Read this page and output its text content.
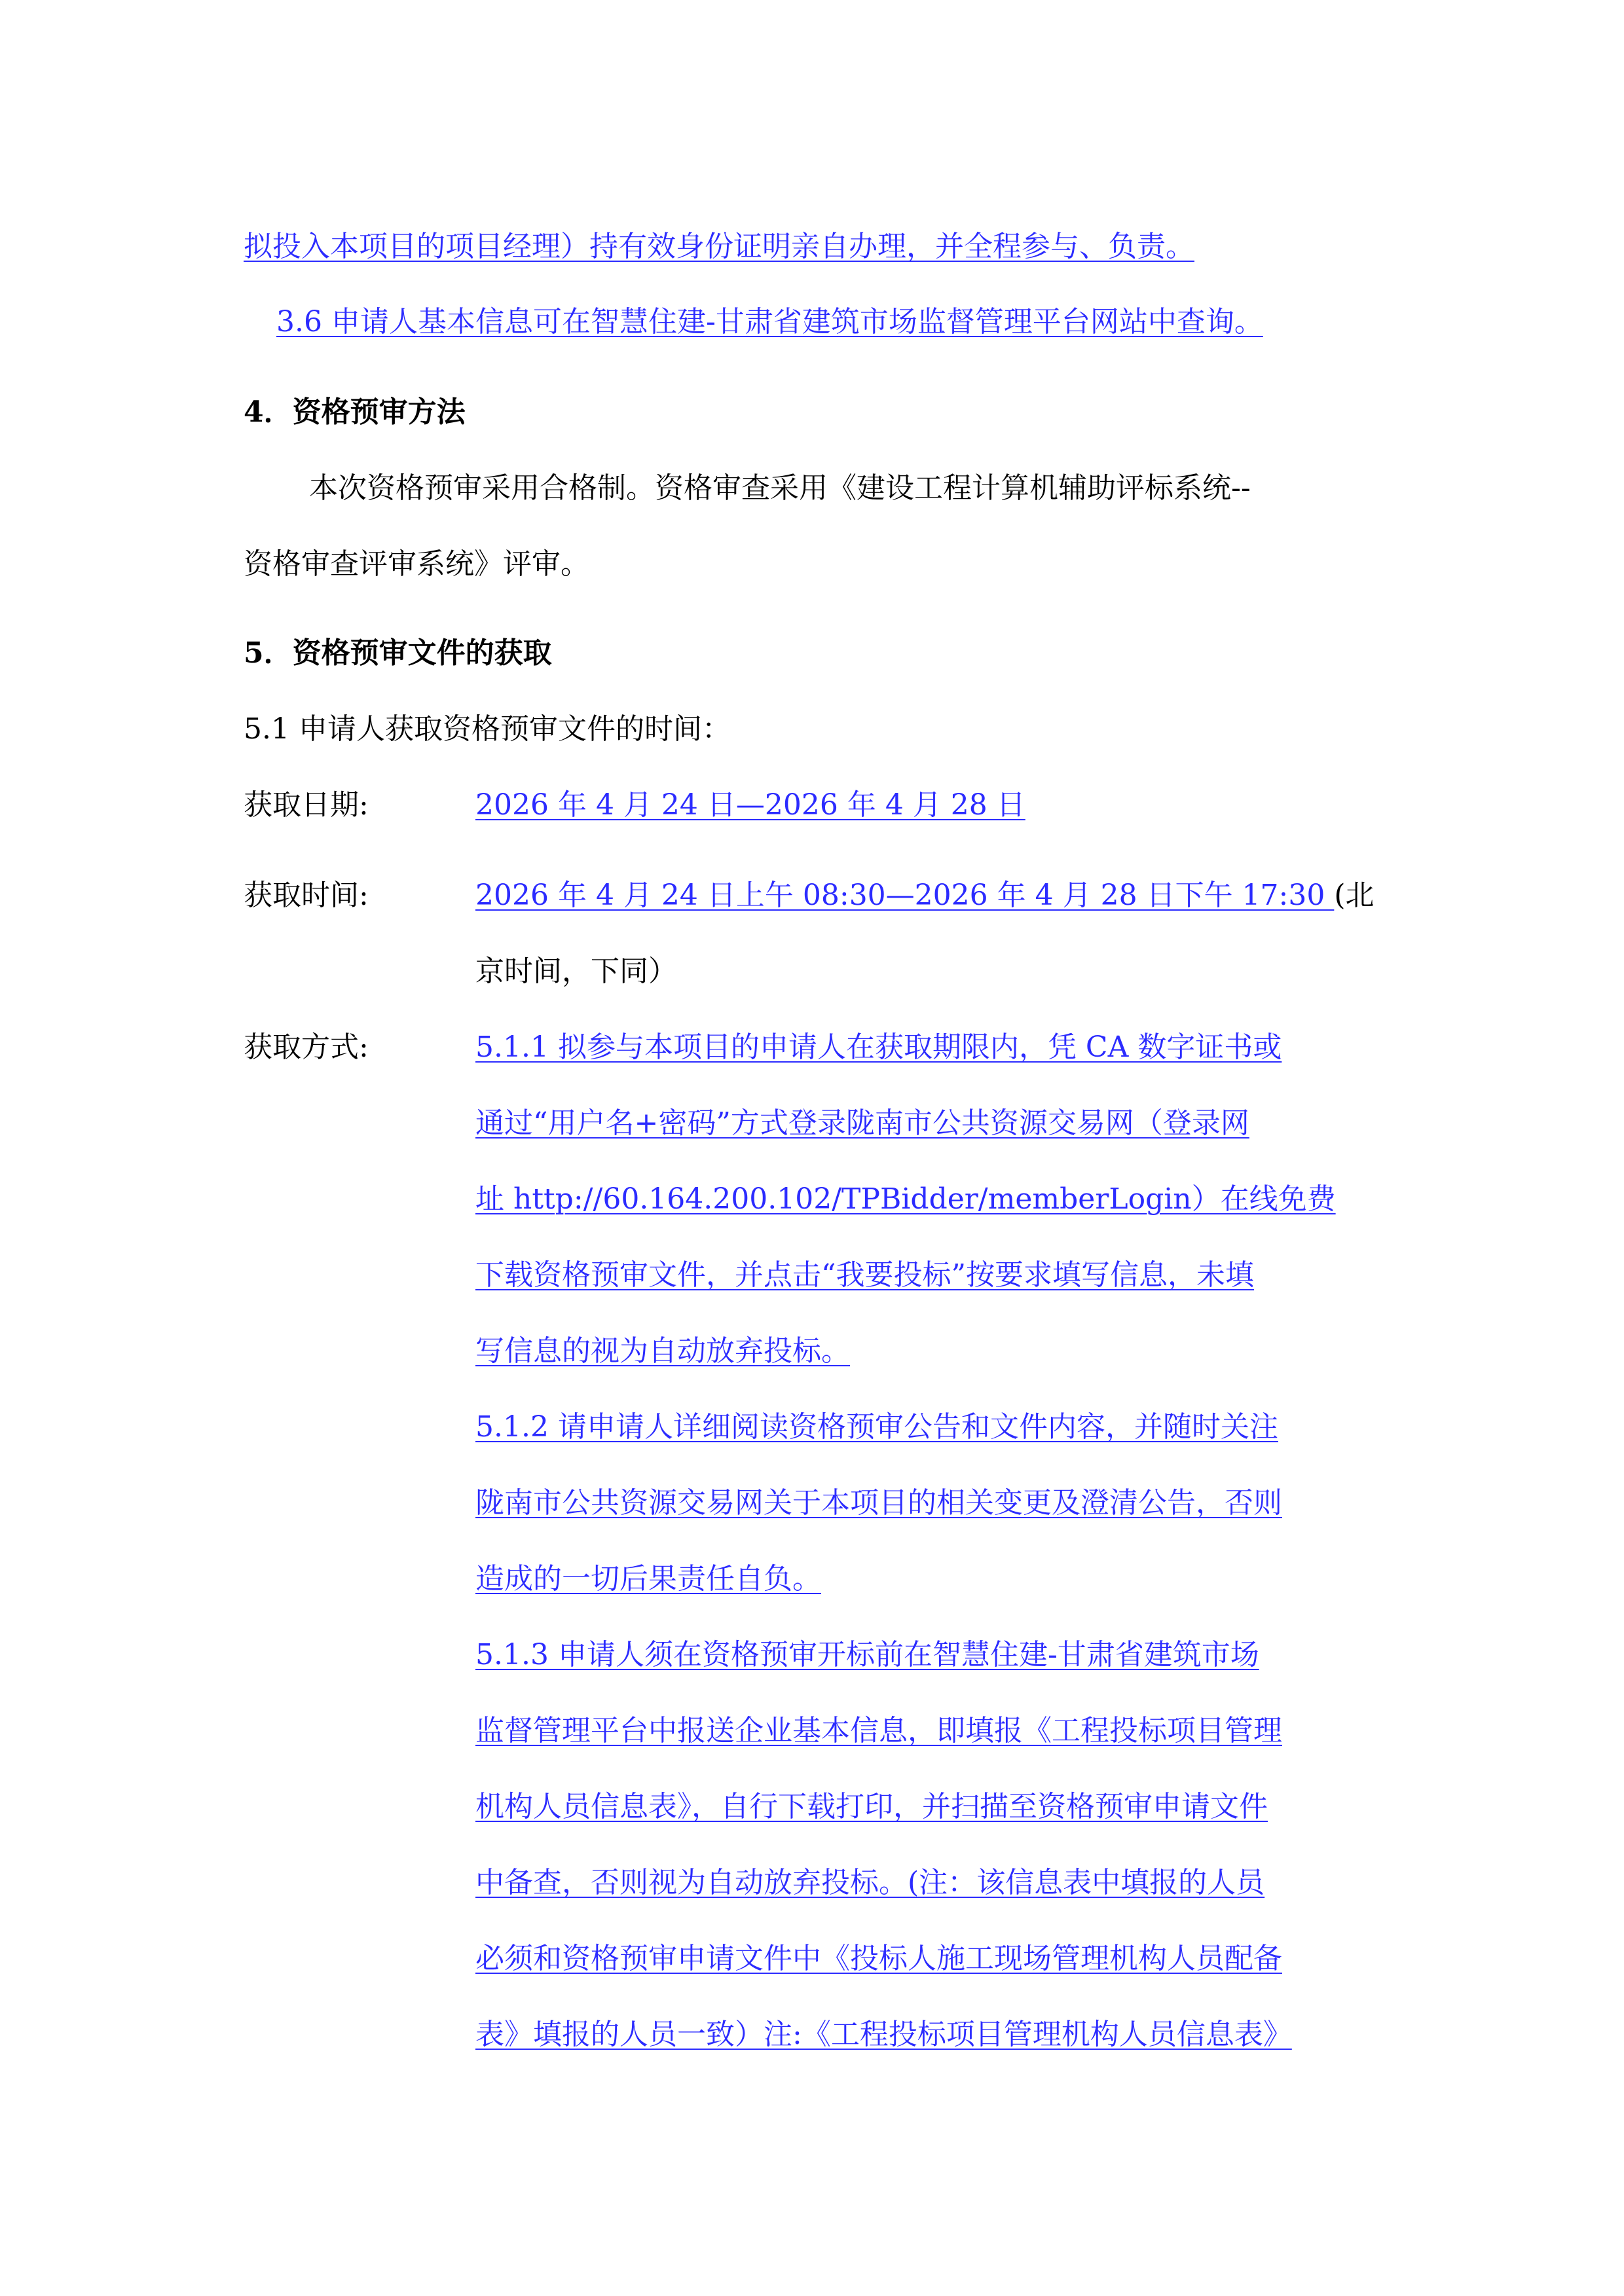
拟投入本项目的项目经理）持有效身份证明亲自办理，并全程参与、负责。
3.6 申请人基本信息可在智慧住建-甘肃省建筑市场监督管理平台网站中查询。
4．资格预审方法
本次资格预审采用合格制。资格审查采用《建设工程计算机辅助评标系统--
资格审查评审系统》评审。
5．资格预审文件的获取
5.1 申请人获取资格预审文件的时间：
获取日期:	2026 年 4 月 24 日—2026 年 4 月 28 日
获取时间:	2026 年 4 月 24 日上午 08:30—2026 年 4 月 28 日下午 17:30 (北
京时间，下同）
获取方式:	5.1.1 拟参与本项目的申请人在获取期限内，凭 CA 数字证书或
通过“用户名+密码”方式登录陇南市公共资源交易网（登录网
址 http://60.164.200.102/TPBidder/memberLogin）在线免费
下载资格预审文件，并点击“我要投标”按要求填写信息，未填
写信息的视为自动放弃投标。
5.1.2 请申请人详细阅读资格预审公告和文件内容，并随时关注
陇南市公共资源交易网关于本项目的相关变更及澄清公告，否则
造成的一切后果责任自负。
5.1.3 申请人须在资格预审开标前在智慧住建-甘肃省建筑市场
监督管理平台中报送企业基本信息，即填报《工程投标项目管理
机构人员信息表》，自行下载打印，并扫描至资格预审申请文件
中备查，否则视为自动放弃投标。(注：该信息表中填报的人员
必须和资格预审申请文件中《投标人施工现场管理机构人员配备
表》填报的人员一致）注:《工程投标项目管理机构人员信息表》
